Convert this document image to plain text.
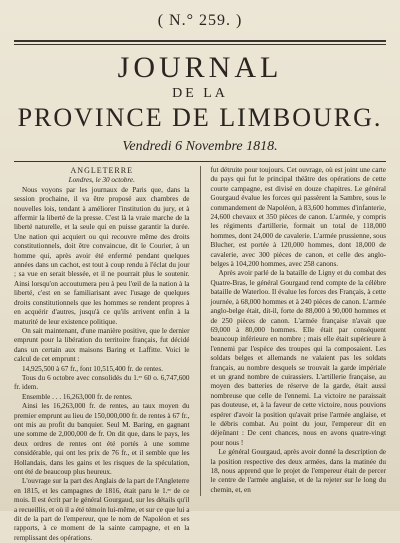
( N.° 259. )
JOURNAL
DE LA
PROVINCE DE LIMBOURG.
Vendredi 6 Novembre 1818.

ANGLETERRE

Londres, le 30 octobre.

Nous voyons par les journaux de Paris que, dans la session prochaine, il va être proposé aux chambres de nouvelles lois, tendant à améliorer l'institution du jury, et à affermir la liberté de la presse. C'est là la vraie marche de la liberté naturelle, et la seule qui en puisse garantir la durée. Une nation qui acquiert ou qui recouvre même des droits constitutionnels, doit être convaincue, dit le Courier, à un homme qui, après avoir été enfermé pendant quelques années dans un cachot, est tout à coup rendu à l'éclat du jour ; sa vue en serait blessée, et il ne pourrait plus le soutenir. Ainsi lorsqu'on accoutumera peu à peu l'œil de la nation à la liberté, c'est en se familiarisant avec l'usage de quelques droits constitutionnels que les hommes se rendent propres à en acquérir d'autres, jusqu'à ce qu'ils arrivent enfin à la maturité de leur existence politique.

On sait maintenant, d'une manière positive, que le dernier emprunt pour la libération du territoire français, fut décidé dans un certain aux maisons Baring et Laffitte. Voici le calcul de cet emprunt :

14,925,500 à 67 fr., font 10,515,400 fr. de rentes.

Tous du 6 octobre avec consolidés du 1.ᵉʳ 60 o. 6,747,600 fr. idem.

Ensemble . . . 16,263,000 fr. de rentes.

Ainsi les 16,263,000 fr. de rentes, au taux moyen du premier emprunt au lieu de 150,000,000 fr. de rentes à 67 fr., ont mis au profit du banquier. Seul M. Baring, en gagnant une somme de 2,000,000 de fr. On dit que, dans le pays, les deux ordres de rentes ont été portés à une somme considérable, qui ont les prix de 76 fr., et il semble que les Hollandais, dans les gains et les risques de la spéculation, ont été de beaucoup plus heureux.

L'ouvrage sur la part des Anglais de la part de l'Angleterre en 1815, et les campagnes de 1816, était paru le 1.ᵉʳ de ce mois. Il est écrit par le général Gourgaud, sur les détails qu'il a recueillis, et où il a été témoin lui-même, et sur ce que lui a dit de la part de l'empereur, que le nom de Napoléon et ses rapports, à ce moment de la sainte campagne, et en la remplissant des opérations.

fut détruite pour toujours. Cet ouvrage, où est joint une carte du pays qui fut le principal théâtre des opérations de cette courte campagne, est divisé en douze chapitres. Le général Gourgaud évalue les forces qui passèrent la Sambre, sous le commandement de Napoléon, à 83,600 hommes d'infanterie, 24,600 chevaux et 350 pièces de canon. L'armée, y compris les régiments d'artillerie, formait un total de 118,000 hommes, dont 24,000 de cavalerie. L'armée prussienne, sous Blucher, est portée à 120,000 hommes, dont 18,000 de cavalerie, avec 300 pièces de canon, et celle des anglo-belges à 104,200 hommes, avec 258 canons.

Après avoir parlé de la bataille de Ligny et du combat des Quatre-Bras, le général Gourgaud rend compte de la célèbre bataille de Waterloo. Il évalue les forces des Français, à cette journée, à 68,000 hommes et à 240 pièces de canon. L'armée anglo-belge était, dit-il, forte de 88,000 à 90,000 hommes et de 250 pièces de canon. L'armée française n'avait que 69,000 à 80,000 hommes. Elle était par conséquent beaucoup inférieure en nombre ; mais elle était supérieure à l'ennemi par l'espèce des troupes qui la composaient. Les soldats belges et allemands ne valaient pas les soldats français, au nombre desquels se trouvait la garde impériale et un grand nombre de cuirassiers. L'artillerie française, au moyen des batteries de réserve de la garde, était aussi nombreuse que celle de l'ennemi. La victoire ne paraissait pas douteuse, et, à la faveur de cette victoire, nous pouvions espérer d'avoir la position qu'avait prise l'armée anglaise, et le débris combat. Au point du jour, l'empereur dit en déjeûnant : De cent chances, nous en avons quatre-vingt pour nous !

Le général Gourgaud, après avoir donné la description de la position respective des deux armées, dans la matinée du 18, nous apprend que le projet de l'empereur était de percer le centre de l'armée anglaise, et de la rejeter sur le long du chemin, et, en
